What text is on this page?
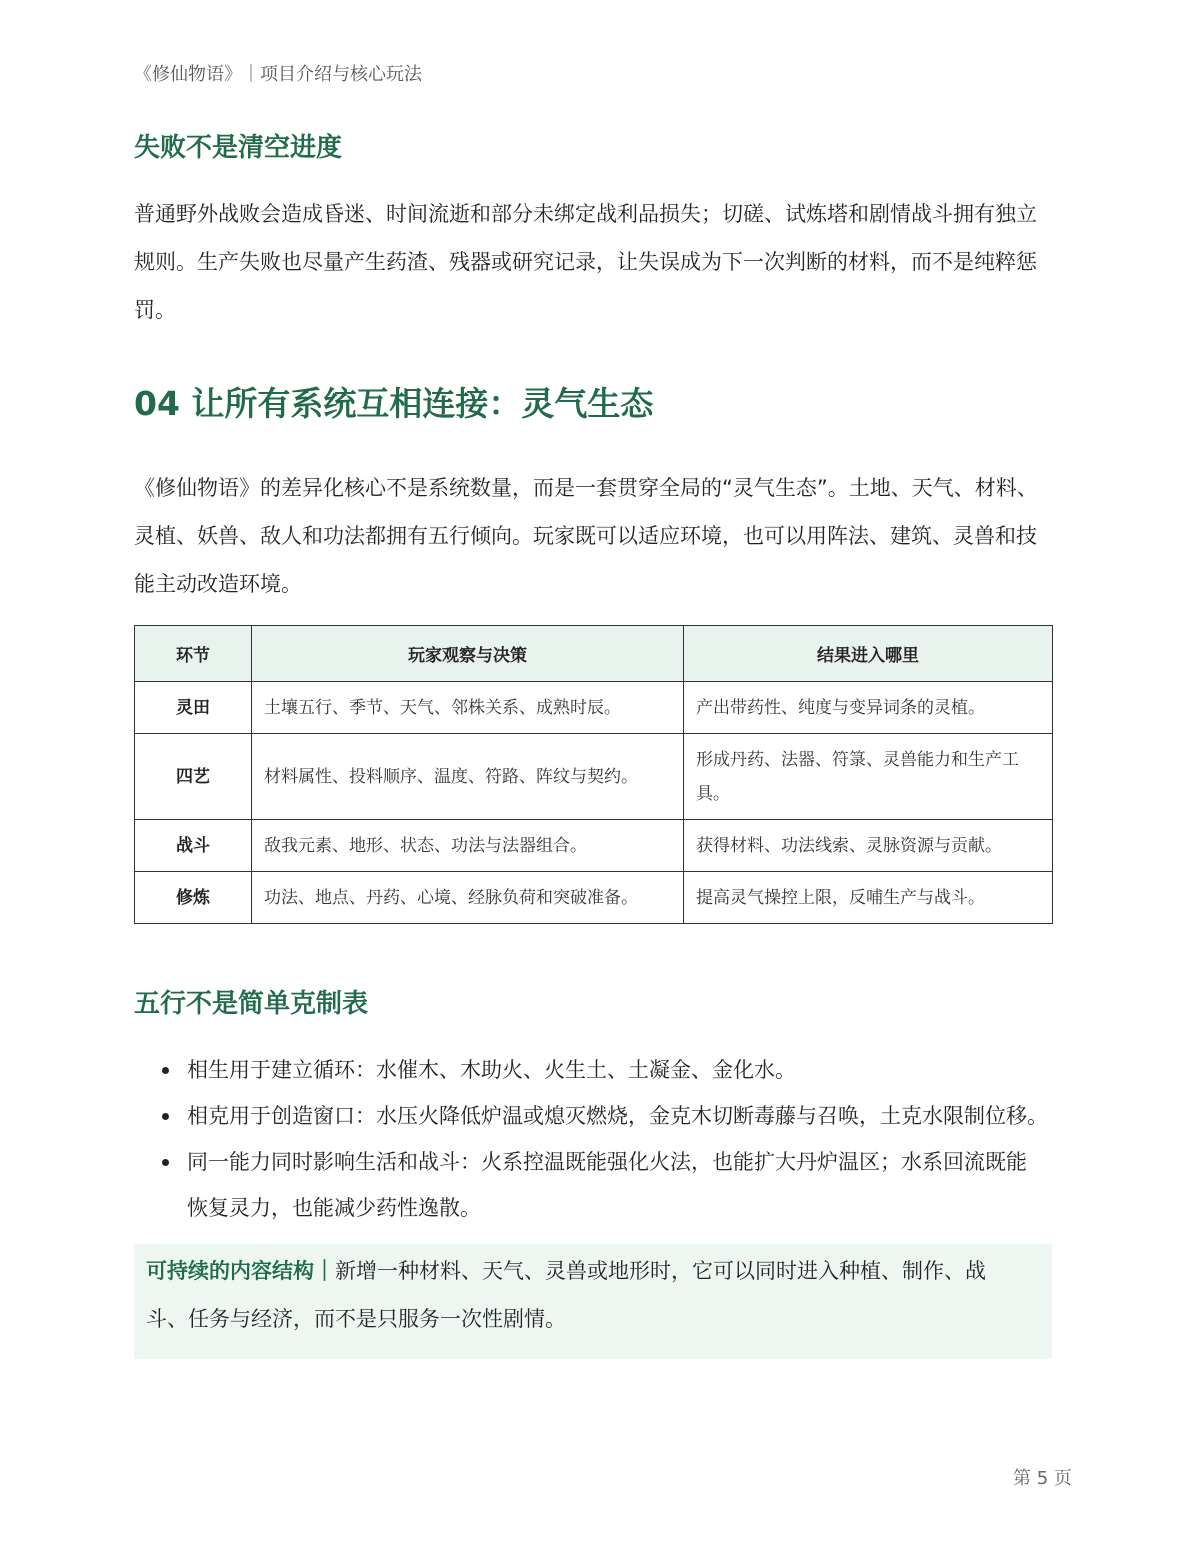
《修仙物语》｜项目介绍与核心玩法
失败不是清空进度
普通野外战败会造成昏迷、时间流逝和部分未绑定战利品损失；切磋、试炼塔和剧情战斗拥有独立
规则。生产失败也尽量产生药渣、残器或研究记录，让失误成为下一次判断的材料，而不是纯粹惩
罚。
04 让所有系统互相连接：灵气生态
《修仙物语》的差异化核心不是系统数量，而是一套贯穿全局的“灵气生态”。土地、天气、材料、
灵植、妖兽、敌人和功法都拥有五行倾向。玩家既可以适应环境，也可以用阵法、建筑、灵兽和技
能主动改造环境。
环节	玩家观察与决策	结果进入哪里
灵田	土壤五行、季节、天气、邻株关系、成熟时辰。	产出带药性、纯度与变异词条的灵植。

四艺	材料属性、投料顺序、温度、符路、阵纹与契约。	形成丹药、法器、符箓、灵兽能力和生产工
具。

战斗	敌我元素、地形、状态、功法与法器组合。	获得材料、功法线索、灵脉资源与贡献。

修炼	功法、地点、丹药、心境、经脉负荷和突破准备。	提高灵气操控上限，反哺生产与战斗。
五行不是简单克制表
相生用于建立循环：水催木、木助火、火生土、土凝金、金化水。
相克用于创造窗口：水压火降低炉温或熄灭燃烧，金克木切断毒藤与召唤，土克水限制位移。
同一能力同时影响生活和战斗：火系控温既能强化火法，也能扩大丹炉温区；水系回流既能
恢复灵力，也能减少药性逸散。
可持续的内容结构｜新增一种材料、天气、灵兽或地形时，它可以同时进入种植、制作、战
斗、任务与经济，而不是只服务一次性剧情。
第 5 页
